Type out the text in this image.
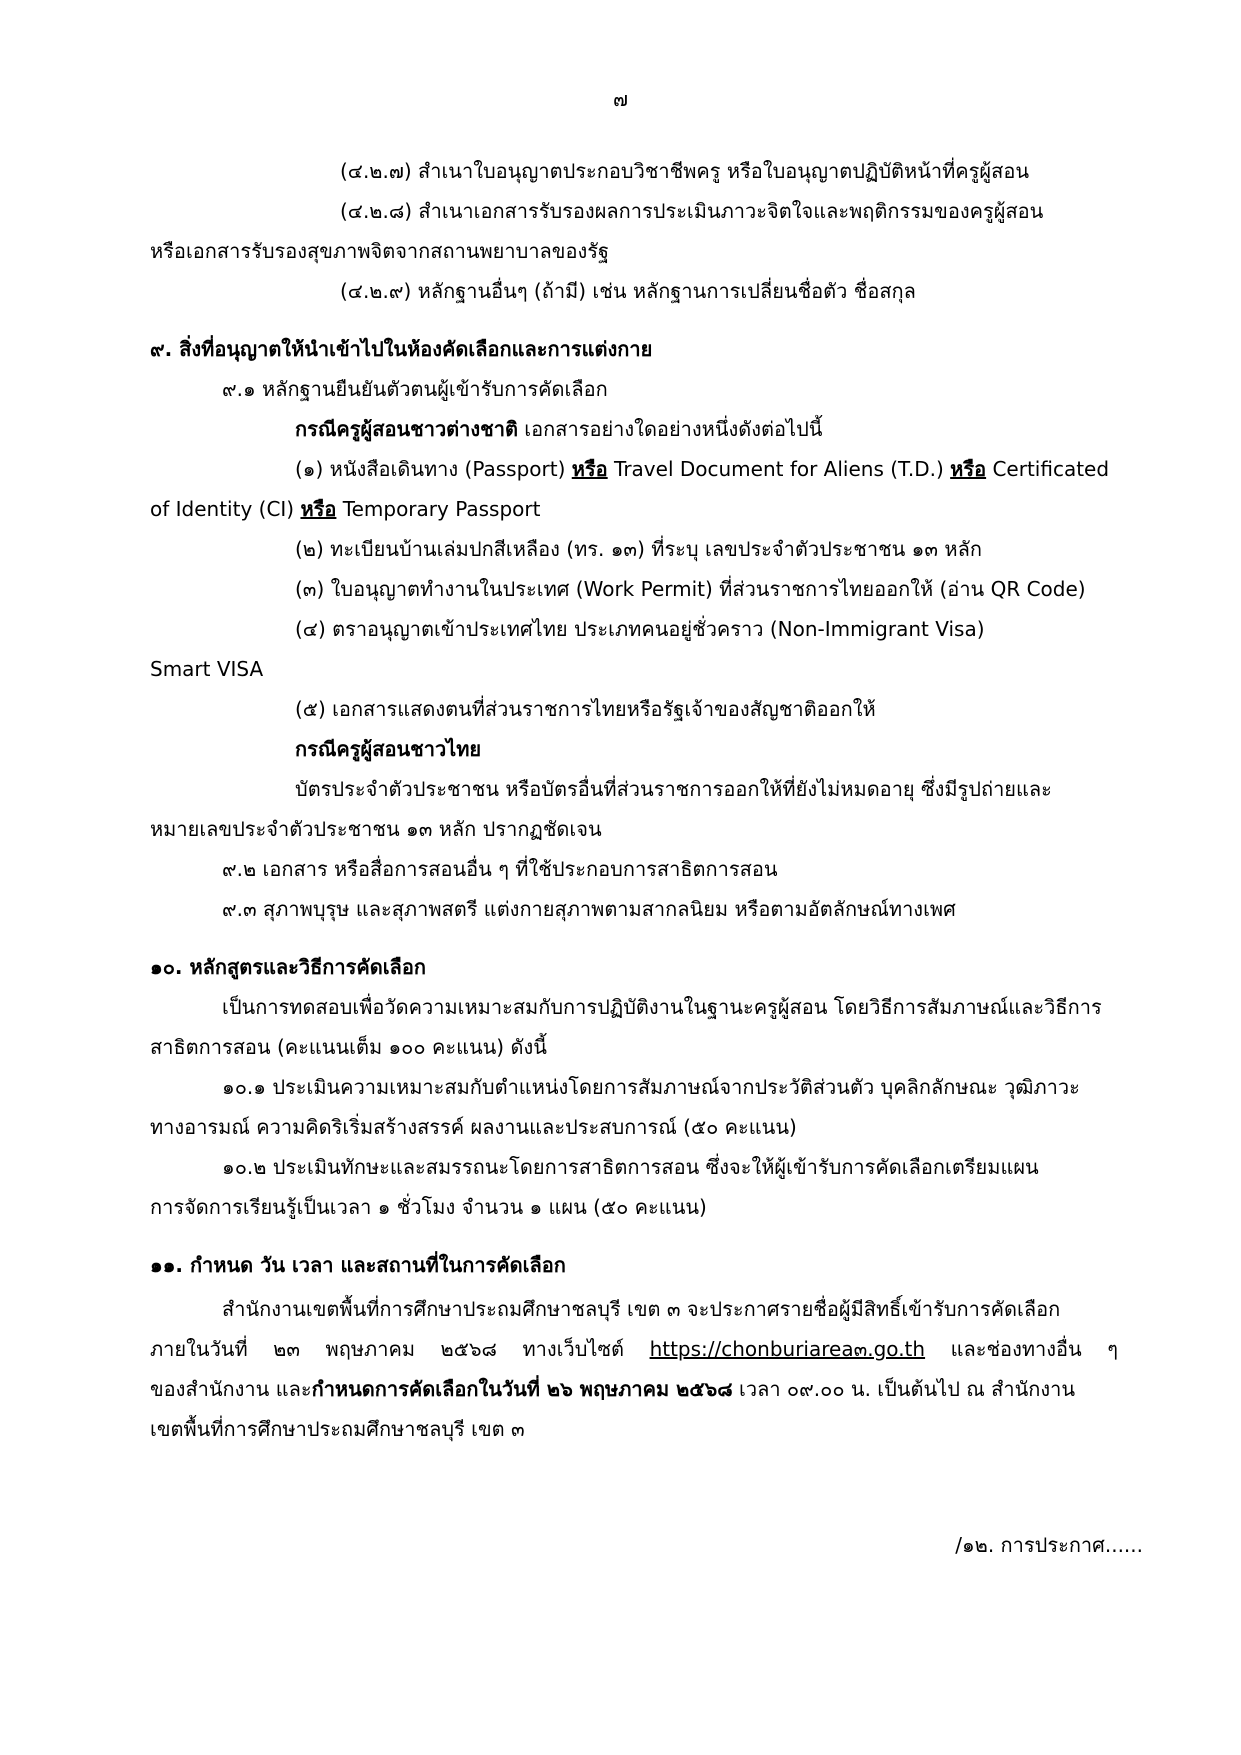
๗
(๔.๒.๗) สำเนาใบอนุญาตประกอบวิชาชีพครู หรือใบอนุญาตปฏิบัติหน้าที่ครูผู้สอน
(๔.๒.๘) สำเนาเอกสารรับรองผลการประเมินภาวะจิตใจและพฤติกรรมของครูผู้สอน
หรือเอกสารรับรองสุขภาพจิตจากสถานพยาบาลของรัฐ
(๔.๒.๙) หลักฐานอื่นๆ (ถ้ามี) เช่น หลักฐานการเปลี่ยนชื่อตัว ชื่อสกุล
๙. สิ่งที่อนุญาตให้นำเข้าไปในห้องคัดเลือกและการแต่งกาย
๙.๑ หลักฐานยืนยันตัวตนผู้เข้ารับการคัดเลือก
กรณีครูผู้สอนชาวต่างชาติ เอกสารอย่างใดอย่างหนึ่งดังต่อไปนี้
(๑) หนังสือเดินทาง (Passport) หรือ Travel Document for Aliens (T.D.) หรือ Certificated
of Identity (CI) หรือ Temporary Passport
(๒) ทะเบียนบ้านเล่มปกสีเหลือง (ทร. ๑๓) ที่ระบุ เลขประจำตัวประชาชน ๑๓ หลัก
(๓) ใบอนุญาตทำงานในประเทศ (Work Permit) ที่ส่วนราชการไทยออกให้ (อ่าน QR Code)
(๔) ตราอนุญาตเข้าประเทศไทย ประเภทคนอยู่ชั่วคราว (Non-Immigrant Visa)
Smart VISA
(๕) เอกสารแสดงตนที่ส่วนราชการไทยหรือรัฐเจ้าของสัญชาติออกให้
กรณีครูผู้สอนชาวไทย
บัตรประจำตัวประชาชน หรือบัตรอื่นที่ส่วนราชการออกให้ที่ยังไม่หมดอายุ ซึ่งมีรูปถ่ายและ
หมายเลขประจำตัวประชาชน ๑๓ หลัก ปรากฏชัดเจน
๙.๒ เอกสาร หรือสื่อการสอนอื่น ๆ ที่ใช้ประกอบการสาธิตการสอน
๙.๓ สุภาพบุรุษ และสุภาพสตรี แต่งกายสุภาพตามสากลนิยม หรือตามอัตลักษณ์ทางเพศ
๑๐. หลักสูตรและวิธีการคัดเลือก
เป็นการทดสอบเพื่อวัดความเหมาะสมกับการปฏิบัติงานในฐานะครูผู้สอน โดยวิธีการสัมภาษณ์และวิธีการ
สาธิตการสอน (คะแนนเต็ม ๑๐๐ คะแนน) ดังนี้
๑๐.๑ ประเมินความเหมาะสมกับตำแหน่งโดยการสัมภาษณ์จากประวัติส่วนตัว บุคลิกลักษณะ วุฒิภาวะ
ทางอารมณ์ ความคิดริเริ่มสร้างสรรค์ ผลงานและประสบการณ์ (๕๐ คะแนน)
๑๐.๒ ประเมินทักษะและสมรรถนะโดยการสาธิตการสอน ซึ่งจะให้ผู้เข้ารับการคัดเลือกเตรียมแผน
การจัดการเรียนรู้เป็นเวลา ๑ ชั่วโมง จำนวน ๑ แผน (๕๐ คะแนน)
๑๑. กำหนด วัน เวลา และสถานที่ในการคัดเลือก
สำนักงานเขตพื้นที่การศึกษาประถมศึกษาชลบุรี เขต ๓ จะประกาศรายชื่อผู้มีสิทธิ์เข้ารับการคัดเลือก
ภายในวันที่ ๒๓ พฤษภาคม ๒๕๖๘ ทางเว็บไซต์ https://chonburiarea๓.go.th และช่องทางอื่น ๆ
ของสำนักงาน และกำหนดการคัดเลือกในวันที่ ๒๖ พฤษภาคม ๒๕๖๘ เวลา ๐๙.๐๐ น. เป็นต้นไป ณ สำนักงาน
เขตพื้นที่การศึกษาประถมศึกษาชลบุรี เขต ๓
/๑๒. การประกาศ......
